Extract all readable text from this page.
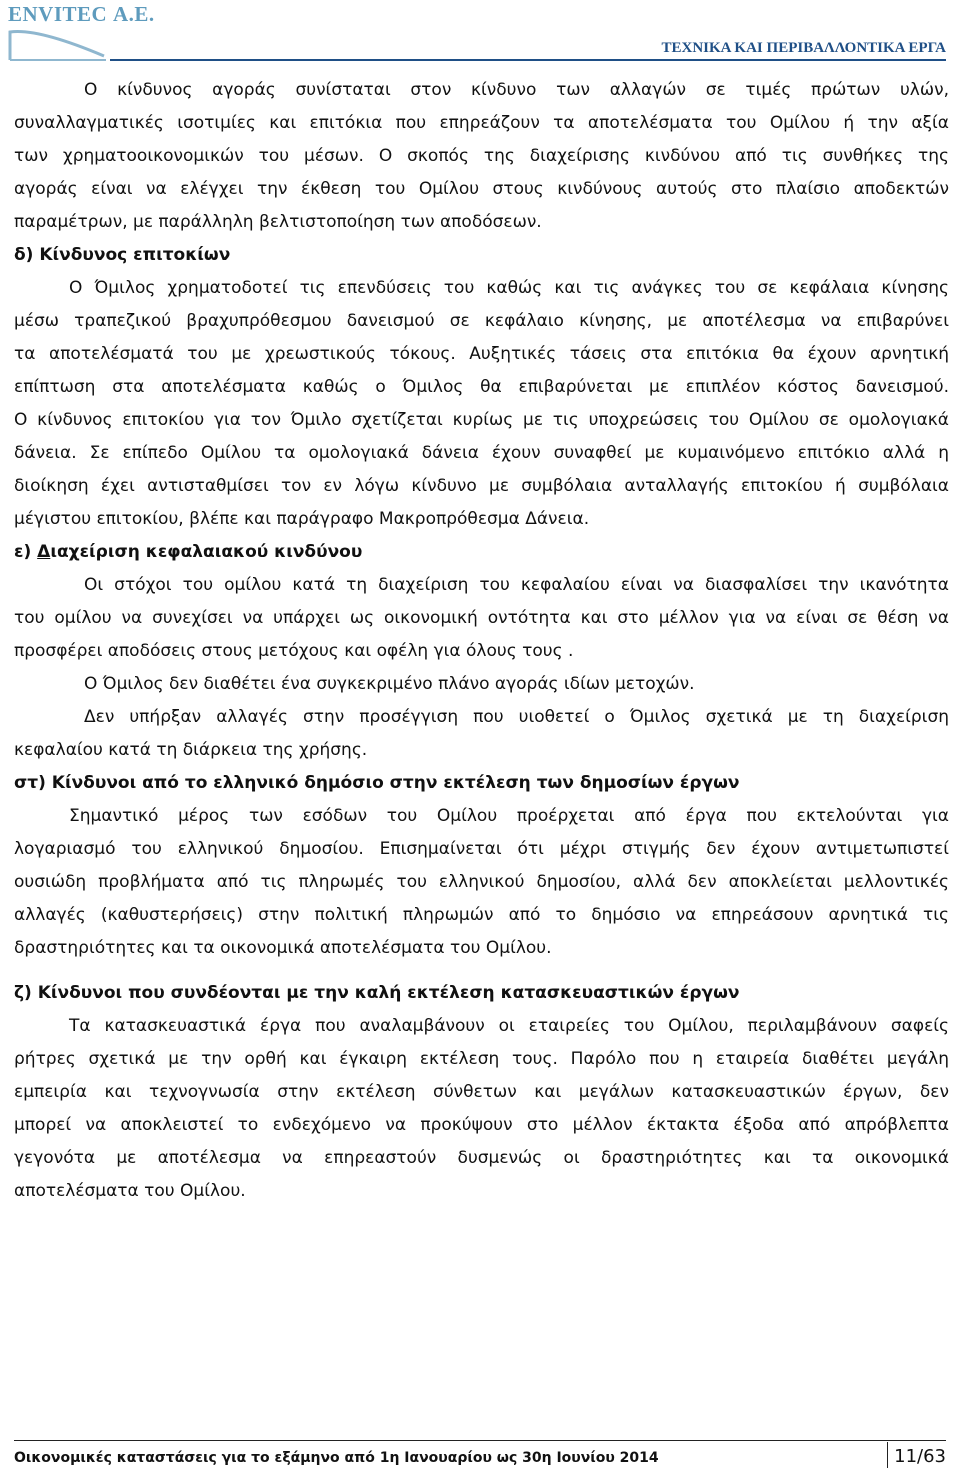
ENVITEC Α.Ε.
ΤΕΧΝΙΚΑ ΚΑΙ ΠΕΡΙΒΑΛΛΟΝΤΙΚΑ ΕΡΓΑ

Ο κίνδυνος αγοράς συνίσταται στον κίνδυνο των αλλαγών σε τιμές πρώτων υλών,
συναλλαγματικές ισοτιμίες και επιτόκια που επηρεάζουν τα αποτελέσματα του Ομίλου ή την αξία
των χρηματοοικονομικών του μέσων. Ο σκοπός της διαχείρισης κινδύνου από τις συνθήκες της
αγοράς είναι να ελέγχει την έκθεση του Ομίλου στους κινδύνους αυτούς στο πλαίσιο αποδεκτών
παραμέτρων, με παράλληλη βελτιστοποίηση των αποδόσεων.

δ) Κίνδυνος επιτοκίων

Ο Όμιλος χρηματοδοτεί τις επενδύσεις του καθώς και τις ανάγκες του σε κεφάλαια κίνησης
μέσω τραπεζικού βραχυπρόθεσμου δανεισμού σε κεφάλαιο κίνησης, με αποτέλεσμα να επιβαρύνει
τα αποτελέσματά του με χρεωστικούς τόκους. Αυξητικές τάσεις στα επιτόκια θα έχουν αρνητική
επίπτωση στα αποτελέσματα καθώς ο Όμιλος θα επιβαρύνεται με επιπλέον κόστος δανεισμού.
Ο κίνδυνος επιτοκίου για τον Όμιλο σχετίζεται κυρίως με τις υποχρεώσεις του Ομίλου σε ομολογιακά
δάνεια. Σε επίπεδο Ομίλου τα ομολογιακά δάνεια έχουν συναφθεί με κυμαινόμενο επιτόκιο αλλά η
διοίκηση έχει αντισταθμίσει τον εν λόγω κίνδυνο με συμβόλαια ανταλλαγής επιτοκίου ή συμβόλαια
μέγιστου επιτοκίου, βλέπε και παράγραφο Μακροπρόθεσμα Δάνεια.

ε) Διαχείριση κεφαλαιακού κινδύνου

Οι στόχοι του ομίλου κατά τη διαχείριση του κεφαλαίου είναι να διασφαλίσει την ικανότητα
του ομίλου να συνεχίσει να υπάρχει ως οικονομική οντότητα και στο μέλλον για να είναι σε θέση να
προσφέρει αποδόσεις στους μετόχους και οφέλη για όλους τους .

Ο Όμιλος δεν διαθέτει ένα συγκεκριμένο πλάνο αγοράς ιδίων μετοχών.

Δεν υπήρξαν αλλαγές στην προσέγγιση που υιοθετεί ο Όμιλος σχετικά με τη διαχείριση
κεφαλαίου κατά τη διάρκεια της χρήσης.

στ) Κίνδυνοι από το ελληνικό δημόσιο στην εκτέλεση των δημοσίων έργων

Σημαντικό μέρος των εσόδων του Ομίλου προέρχεται από έργα που εκτελούνται για
λογαριασμό του ελληνικού δημοσίου. Επισημαίνεται ότι μέχρι στιγμής δεν έχουν αντιμετωπιστεί
ουσιώδη προβλήματα από τις πληρωμές του ελληνικού δημοσίου, αλλά δεν αποκλείεται μελλοντικές
αλλαγές (καθυστερήσεις) στην πολιτική πληρωμών από το δημόσιο να επηρεάσουν αρνητικά τις
δραστηριότητες και τα οικονομικά αποτελέσματα του Ομίλου.

ζ) Κίνδυνοι που συνδέονται με την καλή εκτέλεση κατασκευαστικών έργων

Τα κατασκευαστικά έργα που αναλαμβάνουν οι εταιρείες του Ομίλου, περιλαμβάνουν σαφείς
ρήτρες σχετικά με την ορθή και έγκαιρη εκτέλεση τους. Παρόλο που η εταιρεία διαθέτει μεγάλη
εμπειρία και τεχνογνωσία στην εκτέλεση σύνθετων και μεγάλων κατασκευαστικών έργων, δεν
μπορεί να αποκλειστεί το ενδεχόμενο να προκύψουν στο μέλλον έκτακτα έξοδα από απρόβλεπτα
γεγονότα με αποτέλεσμα να επηρεαστούν δυσμενώς οι δραστηριότητες και τα οικονομικά
αποτελέσματα του Ομίλου.

Οικονομικές καταστάσεις για το εξάμηνο από 1η Ιανουαρίου ως 30η Ιουνίου 2014	11/63
